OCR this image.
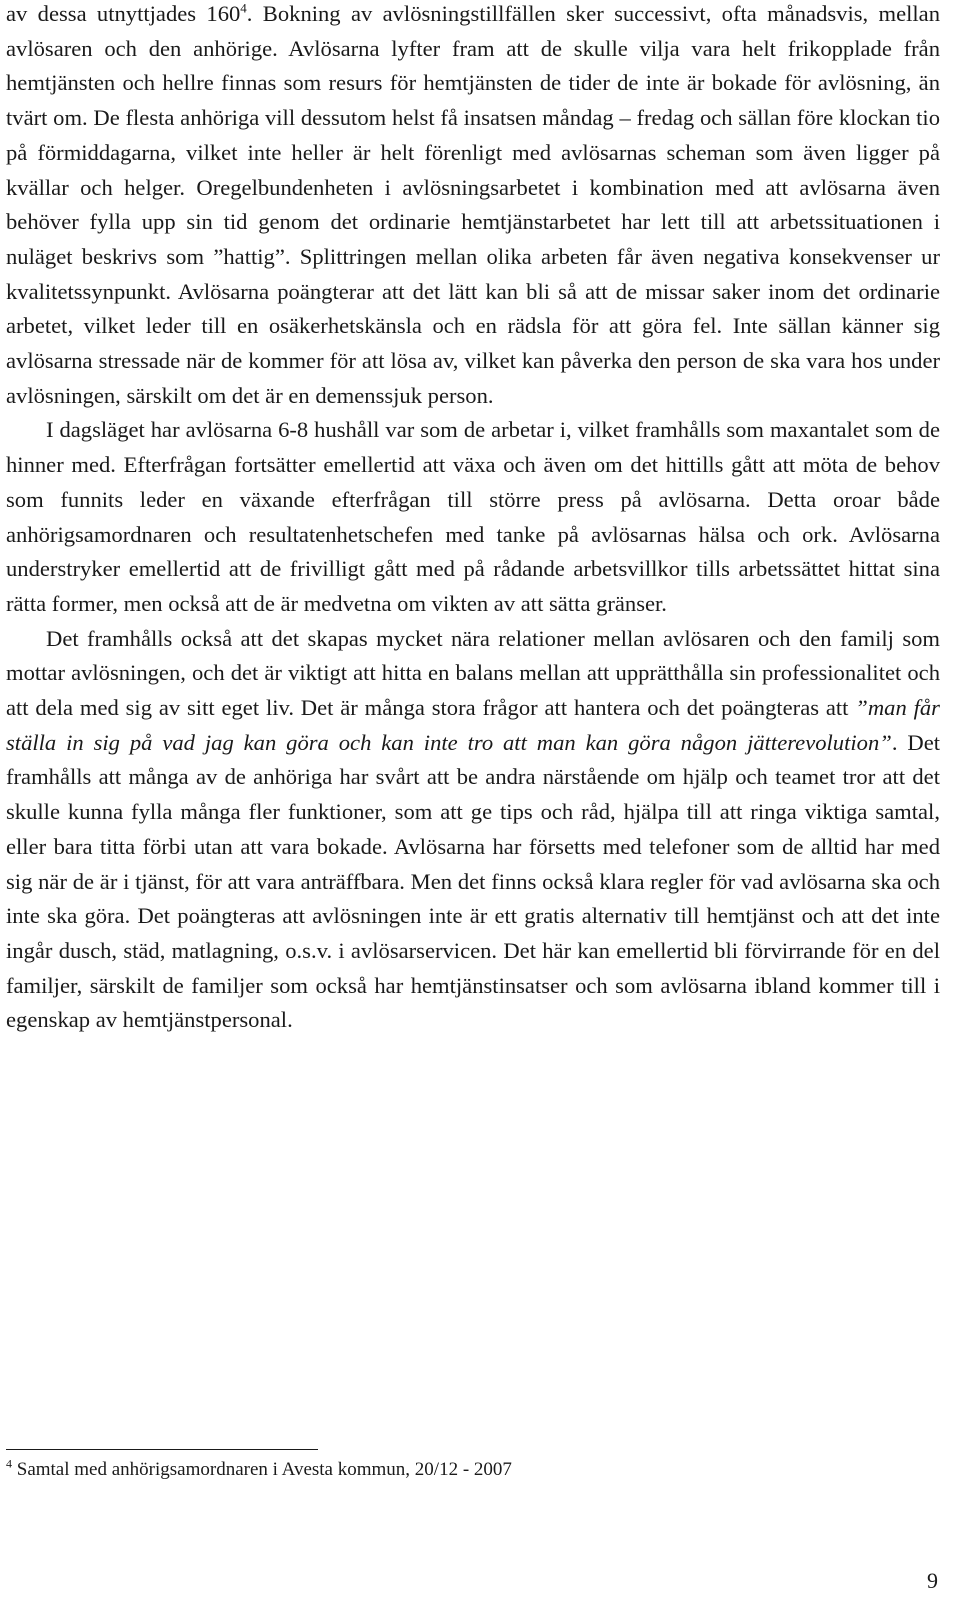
av dessa utnyttjades 160$^4$. Bokning av avlösningstillfällen sker successivt, ofta månadsvis, mellan avlösaren och den anhörige. Avlösarna lyfter fram att de skulle vilja vara helt frikopplade från hemtjänsten och hellre finnas som resurs för hemtjänsten de tider de inte är bokade för avlösning, än tvärt om. De flesta anhöriga vill dessutom helst få insatsen måndag – fredag och sällan före klockan tio på förmiddagarna, vilket inte heller är helt förenligt med avlösarnas scheman som även ligger på kvällar och helger. Oregelbundenheten i avlösningsarbetet i kombination med att avlösarna även behöver fylla upp sin tid genom det ordinarie hemtjänstarbetet har lett till att arbetssituationen i nuläget beskrivs som ”hattig”. Splittringen mellan olika arbeten får även negativa konsekvenser ur kvalitetssynpunkt. Avlösarna poängterar att det lätt kan bli så att de missar saker inom det ordinarie arbetet, vilket leder till en osäkerhetskänsla och en rädsla för att göra fel. Inte sällan känner sig avlösarna stressade när de kommer för att lösa av, vilket kan påverka den person de ska vara hos under avlösningen, särskilt om det är en demenssjuk person.

I dagsläget har avlösarna 6-8 hushåll var som de arbetar i, vilket framhålls som maxantalet som de hinner med. Efterfrågan fortsätter emellertid att växa och även om det hittills gått att möta de behov som funnits leder en växande efterfrågan till större press på avlösarna. Detta oroar både anhörigsamordnaren och resultatenhetschefen med tanke på avlösarnas hälsa och ork. Avlösarna understryker emellertid att de frivilligt gått med på rådande arbetsvillkor tills arbetssättet hittat sina rätta former, men också att de är medvetna om vikten av att sätta gränser.

Det framhålls också att det skapas mycket nära relationer mellan avlösaren och den familj som mottar avlösningen, och det är viktigt att hitta en balans mellan att upprätthålla sin professionalitet och att dela med sig av sitt eget liv. Det är många stora frågor att hantera och det poängteras att ”man får ställa in sig på vad jag kan göra och kan inte tro att man kan göra någon jätterevolution”. Det framhålls att många av de anhöriga har svårt att be andra närstående om hjälp och teamet tror att det skulle kunna fylla många fler funktioner, som att ge tips och råd, hjälpa till att ringa viktiga samtal, eller bara titta förbi utan att vara bokade. Avlösarna har försetts med telefoner som de alltid har med sig när de är i tjänst, för att vara anträffbara. Men det finns också klara regler för vad avlösarna ska och inte ska göra. Det poängteras att avlösningen inte är ett gratis alternativ till hemtjänst och att det inte ingår dusch, städ, matlagning, o.s.v. i avlösarservicen. Det här kan emellertid bli förvirrande för en del familjer, särskilt de familjer som också har hemtjänstinsatser och som avlösarna ibland kommer till i egenskap av hemtjänstpersonal.

$^4$ Samtal med anhörigsamordnaren i Avesta kommun, 20/12 - 2007
9
